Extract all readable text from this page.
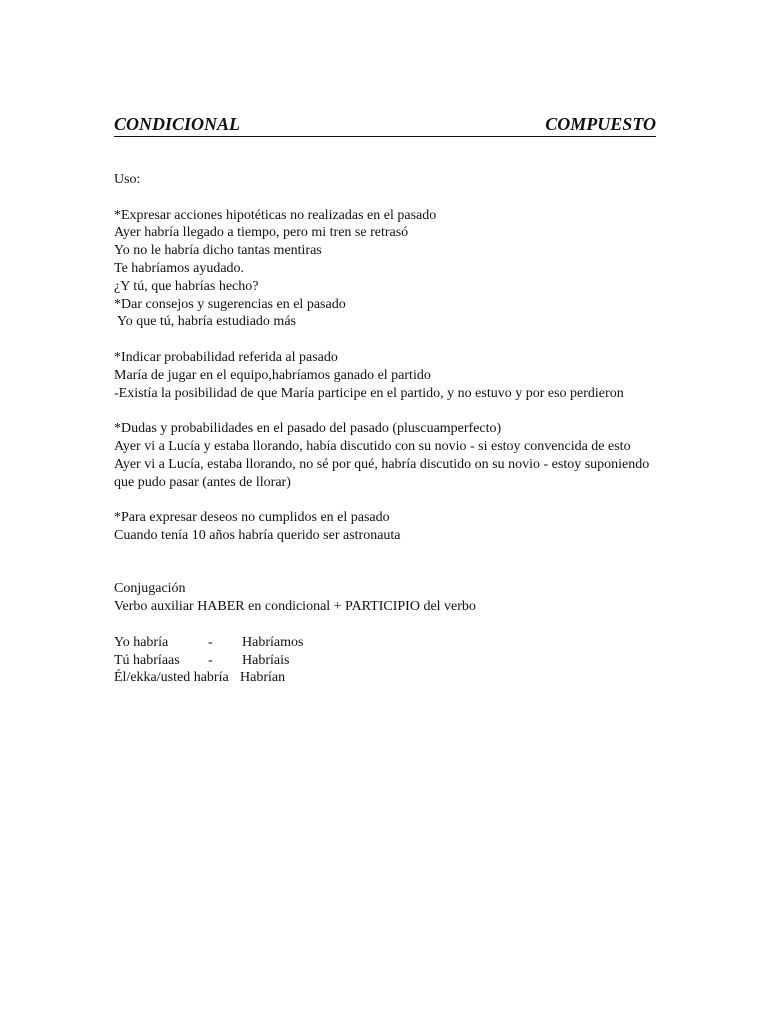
CONDICIONAL	COMPUESTO
Uso:
*Expresar acciones hipotéticas no realizadas en el pasado
Ayer habría llegado a tiempo, pero mi tren se retrasó
Yo no le habría dicho tantas mentiras
Te habríamos ayudado.
¿Y tú, que habrías hecho?
*Dar consejos y sugerencias en el pasado
Yo que tú, habría estudiado más
*Indicar probabilidad referida al pasado
María de jugar en el equipo,habríamos ganado el partido
-Existía la posibilidad de que María participe en el partido, y no estuvo y por eso perdieron
*Dudas y probabilidades en el pasado del pasado (pluscuamperfecto)
Ayer vi a Lucía y estaba llorando, había discutido con su novio - si estoy convencida de esto
Ayer vi a Lucía, estaba llorando, no sé por qué, habría discutido on su novio - estoy suponiendo que pudo pasar (antes de llorar)
*Para expresar deseos no cumplidos en el pasado
Cuando tenía 10 años habría querido ser astronauta
Conjugación
Verbo auxiliar HABER en condicional + PARTICIPIO del verbo
Yo habría	- Habríamos
Tú habríaas - Habríais
Él/ekka/usted habría Habrían
